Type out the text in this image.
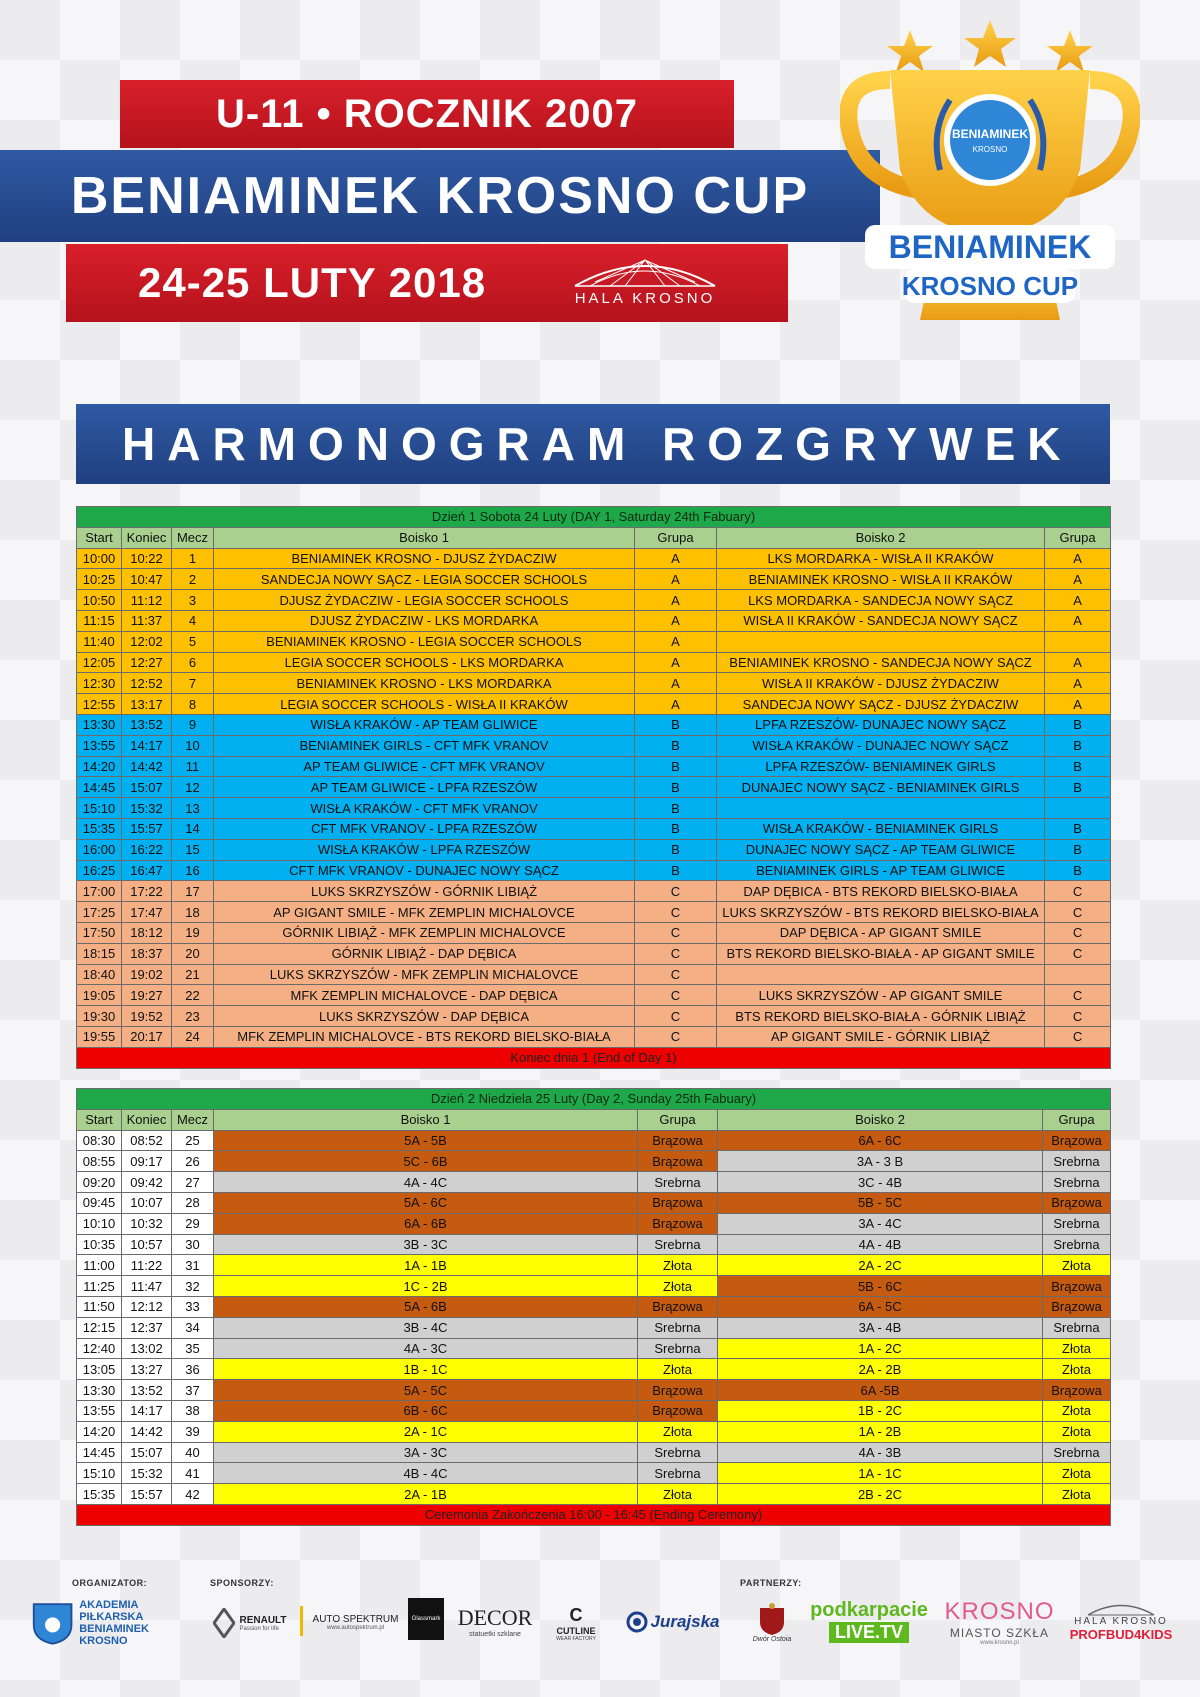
U-11 • ROCZNIK 2007
BENIAMINEK KROSNO CUP
24-25 LUTY 2018	HALA KROSNO
BENIAMINEK
KROSNO
BENIAMINEK
KROSNO CUP
HARMONOGRAM ROZGRYWEK
Dzień 1 Sobota 24 Luty (DAY 1, Saturday 24th Fabuary)						
Start	Koniec	Mecz	Boisko 1	Grupa	Boisko 2	Grupa
10:00	10:22	1	BENIAMINEK KROSNO - DJUSZ ŻYDACZIW	A	LKS MORDARKA - WISŁA II KRAKÓW	A
10:25	10:47	2	SANDECJA NOWY SĄCZ - LEGIA SOCCER SCHOOLS	A	BENIAMINEK KROSNO - WISŁA II KRAKÓW	A
10:50	11:12	3	DJUSZ ŻYDACZIW - LEGIA SOCCER SCHOOLS	A	LKS MORDARKA - SANDECJA NOWY SĄCZ	A
11:15	11:37	4	DJUSZ ŻYDACZIW - LKS MORDARKA	A	WISŁA II KRAKÓW - SANDECJA NOWY SĄCZ	A
11:40	12:02	5	BENIAMINEK KROSNO - LEGIA SOCCER SCHOOLS	A		
12:05	12:27	6	LEGIA SOCCER SCHOOLS - LKS MORDARKA	A	BENIAMINEK KROSNO - SANDECJA NOWY SĄCZ	A
12:30	12:52	7	BENIAMINEK KROSNO - LKS MORDARKA	A	WISŁA II KRAKÓW - DJUSZ ŻYDACZIW	A
12:55	13:17	8	LEGIA SOCCER SCHOOLS - WISŁA II KRAKÓW	A	SANDECJA NOWY SĄCZ - DJUSZ ŻYDACZIW	A
13:30	13:52	9	WISŁA KRAKÓW - AP TEAM GLIWICE	B	LPFA RZESZÓW- DUNAJEC NOWY SĄCZ	B
13:55	14:17	10	BENIAMINEK GIRLS - CFT MFK VRANOV	B	WISŁA KRAKÓW - DUNAJEC NOWY SĄCZ	B
14:20	14:42	11	AP TEAM GLIWICE - CFT MFK VRANOV	B	LPFA RZESZÓW- BENIAMINEK GIRLS	B
14:45	15:07	12	AP TEAM GLIWICE - LPFA RZESZÓW	B	DUNAJEC NOWY SĄCZ - BENIAMINEK GIRLS	B
15:10	15:32	13	WISŁA KRAKÓW - CFT MFK VRANOV	B		
15:35	15:57	14	CFT MFK VRANOV - LPFA RZESZÓW	B	WISŁA KRAKÓW - BENIAMINEK GIRLS	B
16:00	16:22	15	WISŁA KRAKÓW - LPFA RZESZÓW	B	DUNAJEC NOWY SĄCZ - AP TEAM GLIWICE	B
16:25	16:47	16	CFT MFK VRANOV - DUNAJEC NOWY SĄCZ	B	BENIAMINEK GIRLS - AP TEAM GLIWICE	B
17:00	17:22	17	LUKS SKRZYSZÓW - GÓRNIK LIBIĄŻ	C	DAP DĘBICA - BTS REKORD BIELSKO-BIAŁA	C
17:25	17:47	18	AP GIGANT SMILE - MFK ZEMPLIN MICHALOVCE	C	LUKS SKRZYSZÓW - BTS REKORD BIELSKO-BIAŁA	C
17:50	18:12	19	GÓRNIK LIBIĄŻ - MFK ZEMPLIN MICHALOVCE	C	DAP DĘBICA - AP GIGANT SMILE	C
18:15	18:37	20	GÓRNIK LIBIĄŻ - DAP DĘBICA	C	BTS REKORD BIELSKO-BIAŁA - AP GIGANT SMILE	C
18:40	19:02	21	LUKS SKRZYSZÓW - MFK ZEMPLIN MICHALOVCE	C		
19:05	19:27	22	MFK ZEMPLIN MICHALOVCE - DAP DĘBICA	C	LUKS SKRZYSZÓW - AP GIGANT SMILE	C
19:30	19:52	23	LUKS SKRZYSZÓW - DAP DĘBICA	C	BTS REKORD BIELSKO-BIAŁA - GÓRNIK LIBIĄŻ	C
19:55	20:17	24	MFK ZEMPLIN MICHALOVCE - BTS REKORD BIELSKO-BIAŁA	C	AP GIGANT SMILE - GÓRNIK LIBIĄŻ	C
Koniec dnia 1 (End of Day 1)						
Dzień 2 Niedziela 25 Luty (Day 2, Sunday 25th Fabuary)						
Start	Koniec	Mecz	Boisko 1	Grupa	Boisko 2	Grupa
08:30	08:52	25	5A - 5B	Brązowa	6A - 6C	Brązowa
08:55	09:17	26	5C - 6B	Brązowa	3A - 3 B	Srebrna
09:20	09:42	27	4A - 4C	Srebrna	3C - 4B	Srebrna
09:45	10:07	28	5A - 6C	Brązowa	5B - 5C	Brązowa
10:10	10:32	29	6A - 6B	Brązowa	3A - 4C	Srebrna
10:35	10:57	30	3B - 3C	Srebrna	4A - 4B	Srebrna
11:00	11:22	31	1A - 1B	Złota	2A - 2C	Złota
11:25	11:47	32	1C - 2B	Złota	5B - 6C	Brązowa
11:50	12:12	33	5A - 6B	Brązowa	6A - 5C	Brązowa
12:15	12:37	34	3B - 4C	Srebrna	3A - 4B	Srebrna
12:40	13:02	35	4A - 3C	Srebrna	1A - 2C	Złota
13:05	13:27	36	1B - 1C	Złota	2A - 2B	Złota
13:30	13:52	37	5A - 5C	Brązowa	6A -5B	Brązowa
13:55	14:17	38	6B - 6C	Brązowa	1B - 2C	Złota
14:20	14:42	39	2A - 1C	Złota	1A - 2B	Złota
14:45	15:07	40	3A - 3C	Srebrna	4A - 3B	Srebrna
15:10	15:32	41	4B - 4C	Srebrna	1A - 1C	Złota
15:35	15:57	42	2A - 1B	Złota	2B - 2C	Złota
Ceremonia Zakończenia 16:00 - 16:45 (Ending Ceremony)						
ORGANIZATOR:	SPONSORZY:	PARTNERZY:
AKADEMIA PIŁKARSKA
BENIAMINEK KROSNO
RENAULT
Passion for life
AUTO SPEKTRUM
www.autospektrum.pl
Glassmark DECOR
statuetki szklane
C
CUTLINE
WEAR FACTORY
Jurajska
Dwór Ostoia
podkarpacie
LIVE.TV
KROSNO
MIASTO SZKŁA
www.krosno.pl
HALA KROSNO
PROFBUD4KIDS
